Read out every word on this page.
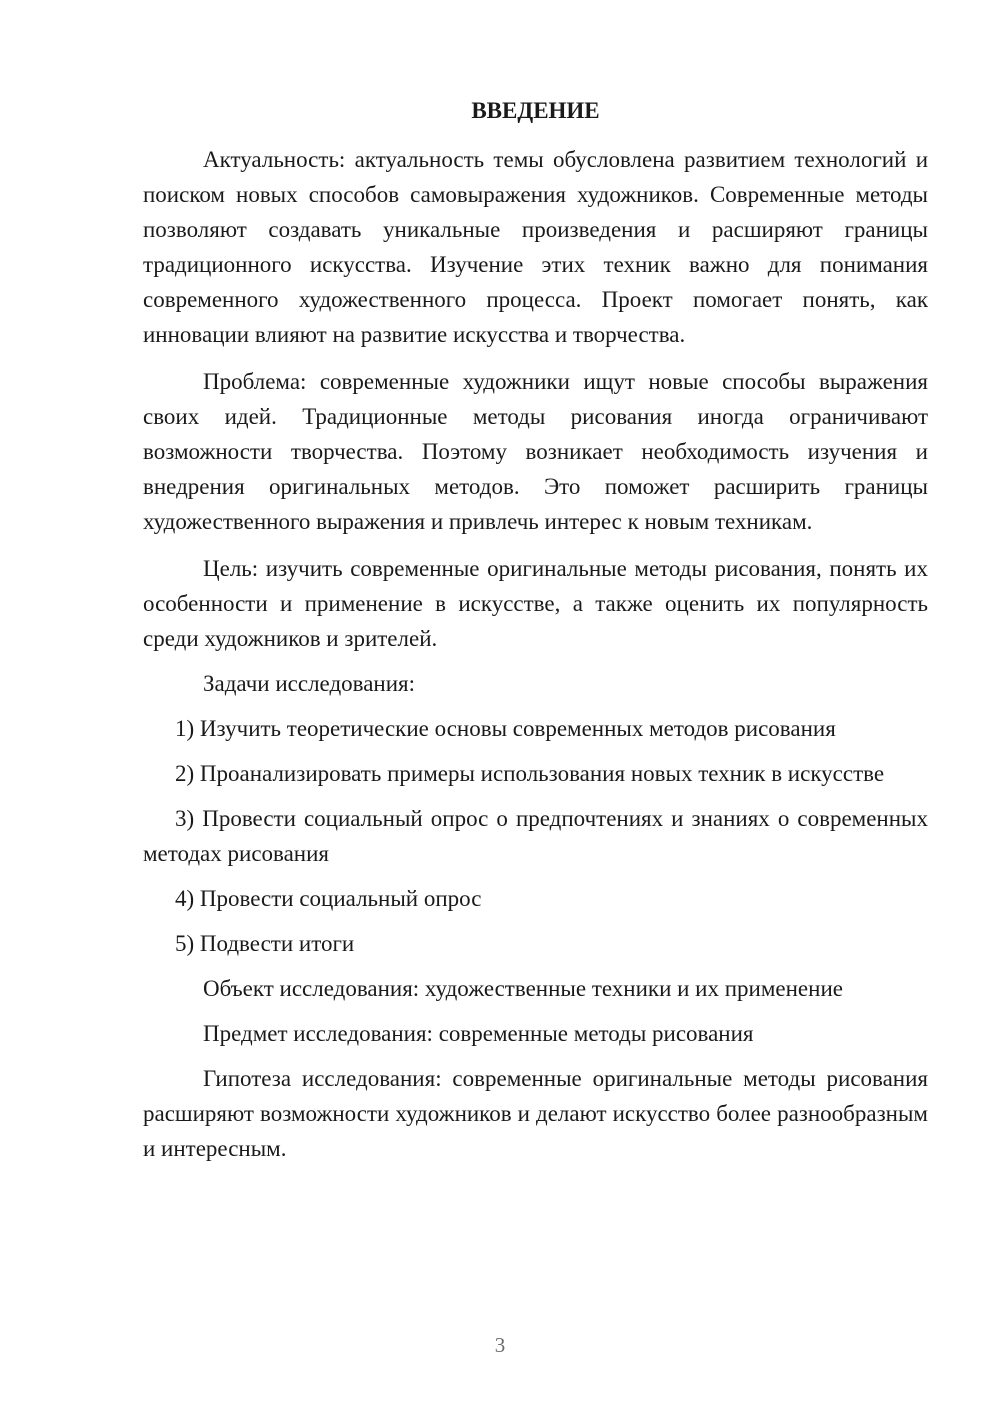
ВВЕДЕНИЕ

Актуальность: актуальность темы обусловлена развитием технологий и поиском новых способов самовыражения художников. Современные методы позволяют создавать уникальные произведения и расширяют границы традиционного искусства. Изучение этих техник важно для понимания современного художественного процесса. Проект помогает понять, как инновации влияют на развитие искусства и творчества.

Проблема: современные художники ищут новые способы выражения своих идей. Традиционные методы рисования иногда ограничивают возможности творчества. Поэтому возникает необходимость изучения и внедрения оригинальных методов. Это поможет расширить границы художественного выражения и привлечь интерес к новым техникам.

Цель: изучить современные оригинальные методы рисования, понять их особенности и применение в искусстве, а также оценить их популярность среди художников и зрителей.

Задачи исследования:

1) Изучить теоретические основы современных методов рисования

2) Проанализировать примеры использования новых техник в искусстве

3) Провести социальный опрос о предпочтениях и знаниях о современных методах рисования

4) Провести социальный опрос

5) Подвести итоги

Объект исследования: художественные техники и их применение

Предмет исследования: современные методы рисования

Гипотеза исследования: современные оригинальные методы рисования расширяют возможности художников и делают искусство более разнообразным и интересным.

3
